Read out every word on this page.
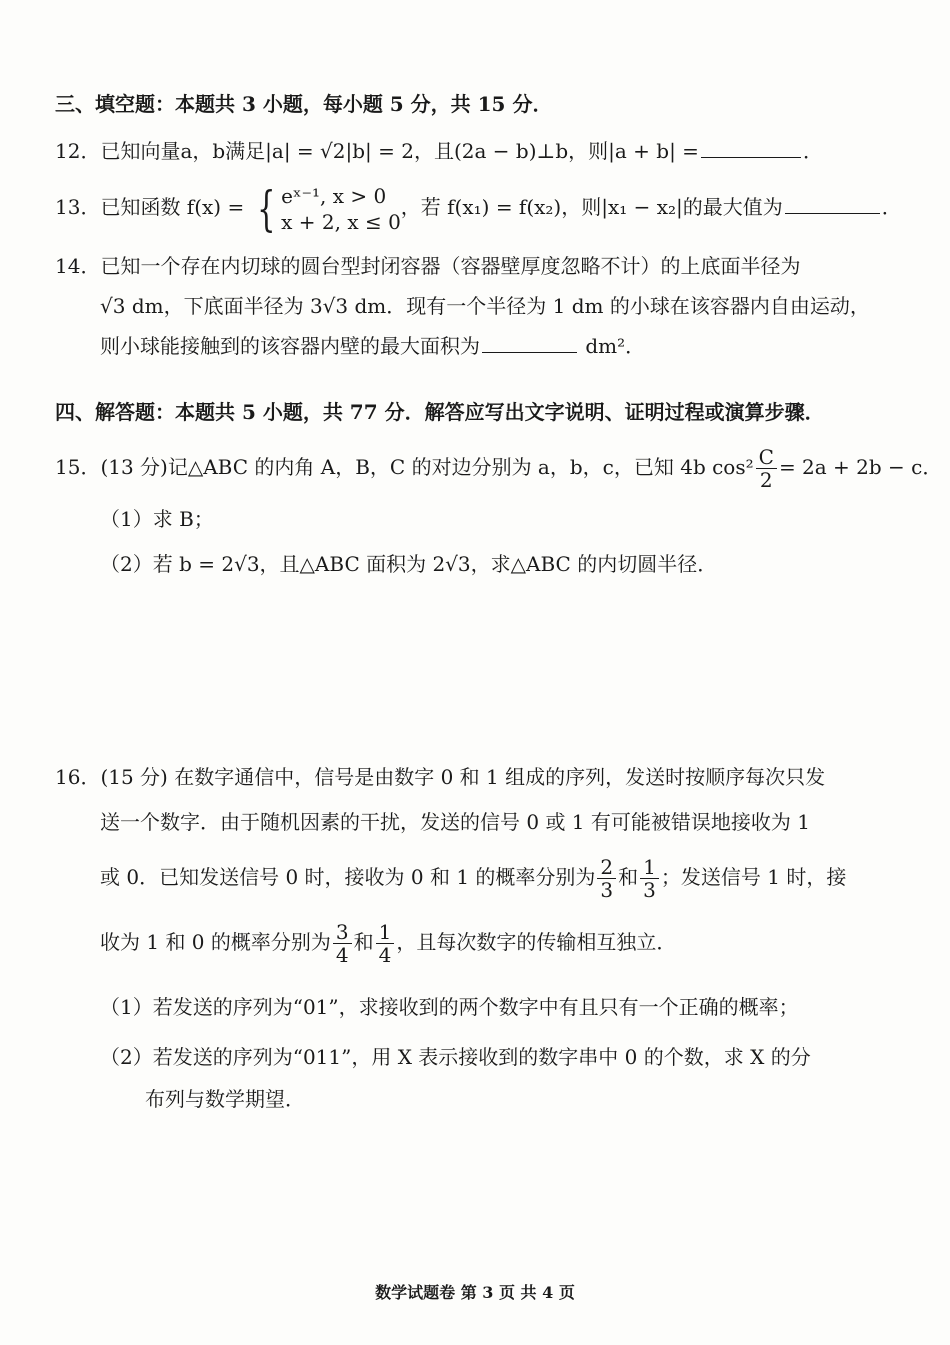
三、填空题：本题共 3 小题，每小题 5 分，共 15 分．
12．已知向量a，b满足|a| = √2|b| = 2，且(2a − b)⊥b，则|a + b| =	．
13．已知函数 f(x) = { eˣ⁻¹, x > 0
x + 2, x ≤ 0
，若 f(x₁) = f(x₂)，则|x₁ − x₂|的最大值为	．
14．已知一个存在内切球的圆台型封闭容器（容器壁厚度忽略不计）的上底面半径为
√3 dm，下底面半径为 3√3 dm．现有一个半径为 1 dm 的小球在该容器内自由运动，
则小球能接触到的该容器内壁的最大面积为	dm²．
四、解答题：本题共 5 小题，共 77 分．解答应写出文字说明、证明过程或演算步骤．
15．(13 分)记△ABC 的内角 A，B，C 的对边分别为 a，b，c，已知 4b $\cos^2 \frac{C}{2} = 2a + 2b - c$．
（1）求 B；
（2）若 b = 2√3，且△ABC 面积为 2√3，求△ABC 的内切圆半径．
16．(15 分) 在数字通信中，信号是由数字 0 和 1 组成的序列，发送时按顺序每次只发
送一个数字．由于随机因素的干扰，发送的信号 0 或 1 有可能被错误地接收为 1
或 0．已知发送信号 0 时，接收为 0 和 1 的概率分别为 $\frac{2}{3}$ 和 $\frac{1}{3}$ ；发送信号 1 时，接
收为 1 和 0 的概率分别为 $\frac{3}{4}$ 和 $\frac{1}{4}$ ，且每次数字的传输相互独立．
（1）若发送的序列为“01”，求接收到的两个数字中有且只有一个正确的概率；
（2）若发送的序列为“011”，用 X 表示接收到的数字串中 0 的个数，求 X 的分
布列与数学期望．
数学试题卷 第 3 页 共 4 页
